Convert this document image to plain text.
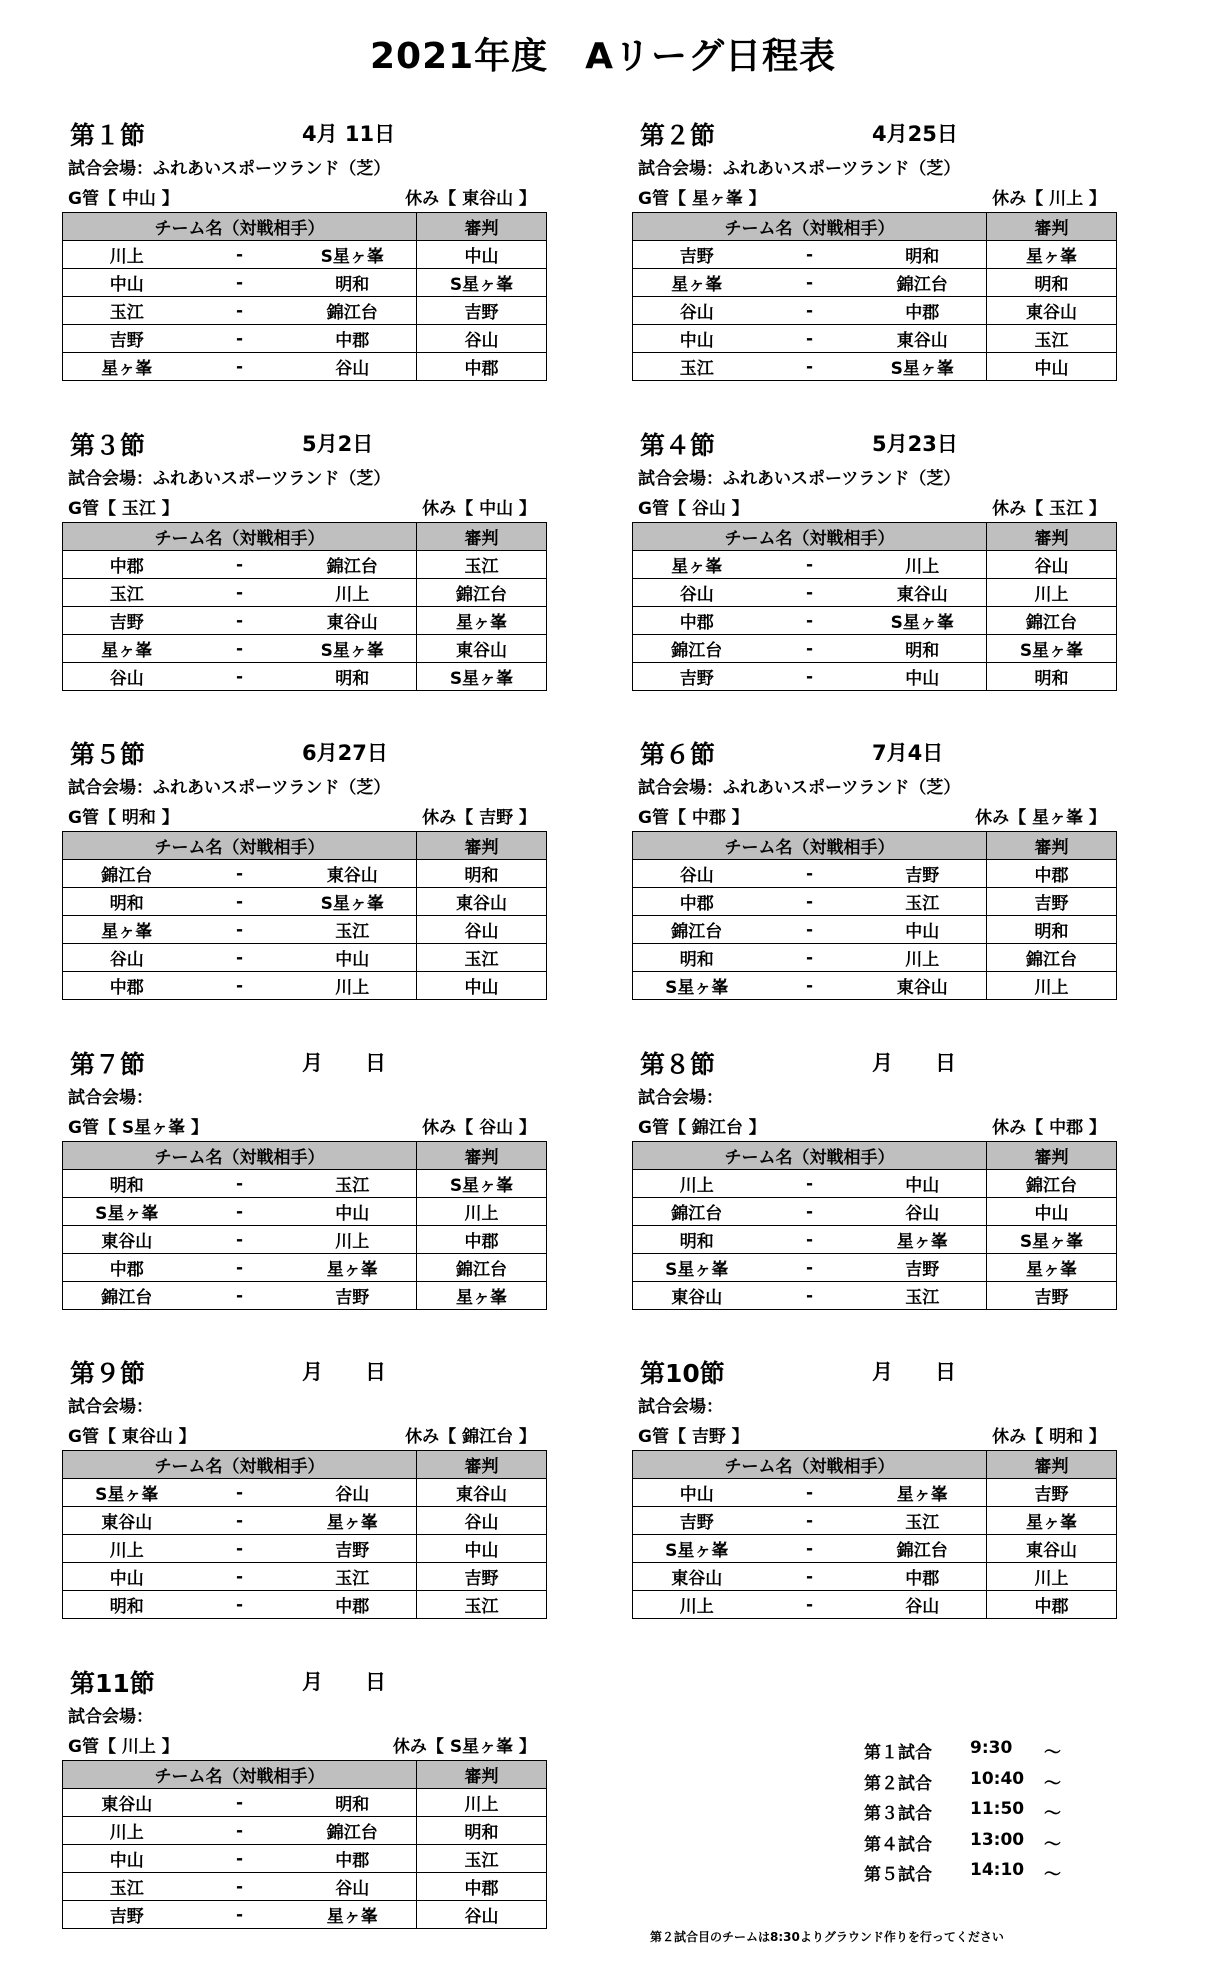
2021年度　Aリーグ日程表
第１節	4月 11日
試合会場：ふれあいスポーツランド（芝）
G管【 中山 】	休み【 東谷山 】
チーム名（対戦相手）			審判
川上	-	S星ヶ峯	中山
中山	-	明和	S星ヶ峯
玉江	-	錦江台	吉野
吉野	-	中郡	谷山
星ヶ峯	-	谷山	中郡
第２節	4月25日
試合会場：ふれあいスポーツランド（芝）
G管【 星ヶ峯 】	休み【 川上 】
チーム名（対戦相手）			審判
吉野	-	明和	星ヶ峯
星ヶ峯	-	錦江台	明和
谷山	-	中郡	東谷山
中山	-	東谷山	玉江
玉江	-	S星ヶ峯	中山
第３節	5月2日
試合会場：ふれあいスポーツランド（芝）
G管【 玉江 】	休み【 中山 】
チーム名（対戦相手）			審判
中郡	-	錦江台	玉江
玉江	-	川上	錦江台
吉野	-	東谷山	星ヶ峯
星ヶ峯	-	S星ヶ峯	東谷山
谷山	-	明和	S星ヶ峯
第４節	5月23日
試合会場：ふれあいスポーツランド（芝）
G管【 谷山 】	休み【 玉江 】
チーム名（対戦相手）			審判
星ヶ峯	-	川上	谷山
谷山	-	東谷山	川上
中郡	-	S星ヶ峯	錦江台
錦江台	-	明和	S星ヶ峯
吉野	-	中山	明和
第５節	6月27日
試合会場：ふれあいスポーツランド（芝）
G管【 明和 】	休み【 吉野 】
チーム名（対戦相手）			審判
錦江台	-	東谷山	明和
明和	-	S星ヶ峯	東谷山
星ヶ峯	-	玉江	谷山
谷山	-	中山	玉江
中郡	-	川上	中山
第６節	7月4日
試合会場：ふれあいスポーツランド（芝）
G管【 中郡 】	休み【 星ヶ峯 】
チーム名（対戦相手）			審判
谷山	-	吉野	中郡
中郡	-	玉江	吉野
錦江台	-	中山	明和
明和	-	川上	錦江台
S星ヶ峯	-	東谷山	川上
第７節	月　　日
試合会場：
G管【 S星ヶ峯 】	休み【 谷山 】
チーム名（対戦相手）			審判
明和	-	玉江	S星ヶ峯
S星ヶ峯	-	中山	川上
東谷山	-	川上	中郡
中郡	-	星ヶ峯	錦江台
錦江台	-	吉野	星ヶ峯
第８節	月　　日
試合会場：
G管【 錦江台 】	休み【 中郡 】
チーム名（対戦相手）			審判
川上	-	中山	錦江台
錦江台	-	谷山	中山
明和	-	星ヶ峯	S星ヶ峯
S星ヶ峯	-	吉野	星ヶ峯
東谷山	-	玉江	吉野
第９節	月　　日
試合会場：
G管【 東谷山 】	休み【 錦江台 】
チーム名（対戦相手）			審判
S星ヶ峯	-	谷山	東谷山
東谷山	-	星ヶ峯	谷山
川上	-	吉野	中山
中山	-	玉江	吉野
明和	-	中郡	玉江
第10節	月　　日
試合会場：
G管【 吉野 】	休み【 明和 】
チーム名（対戦相手）			審判
中山	-	星ヶ峯	吉野
吉野	-	玉江	星ヶ峯
S星ヶ峯	-	錦江台	東谷山
東谷山	-	中郡	川上
川上	-	谷山	中郡
第11節	月　　日
試合会場：
G管【 川上 】	休み【 S星ヶ峯 】
チーム名（対戦相手）			審判
東谷山	-	明和	川上
川上	-	錦江台	明和
中山	-	中郡	玉江
玉江	-	谷山	中郡
吉野	-	星ヶ峯	谷山
第１試合 9:30 ～
第２試合 10:40 ～
第３試合 11:50 ～
第４試合 13:00 ～
第５試合 14:10 ～
第２試合目のチームは8:30よりグラウンド作りを行ってください
